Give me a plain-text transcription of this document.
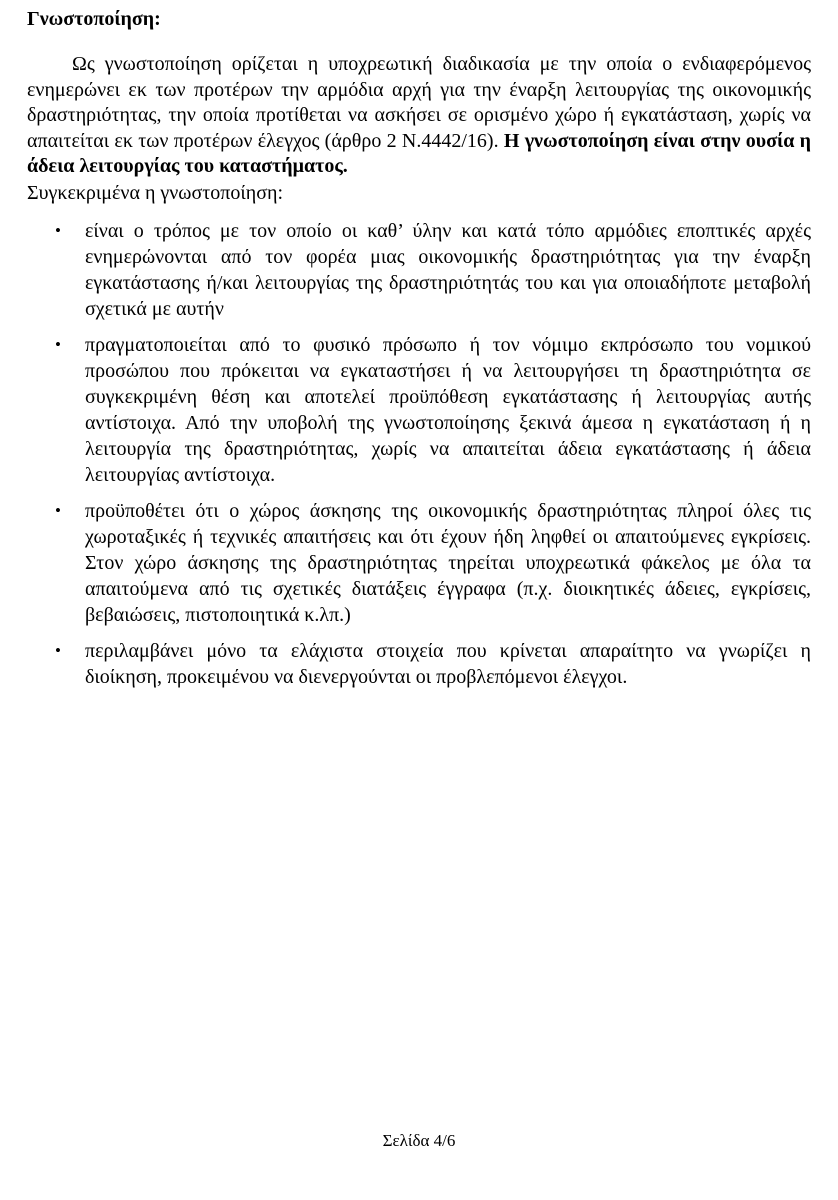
Γνωστοποίηση:

Ως γνωστοποίηση ορίζεται η υποχρεωτική διαδικασία με την οποία ο ενδιαφερόμενος ενημερώνει εκ των προτέρων την αρμόδια αρχή για την έναρξη λειτουργίας της οικονομικής δραστηριότητας, την οποία προτίθεται να ασκήσει σε ορισμένο χώρο ή εγκατάσταση, χωρίς να απαιτείται εκ των προτέρων έλεγχος (άρθρο 2 Ν.4442/16). Η γνωστοποίηση είναι στην ουσία η άδεια λειτουργίας του καταστήματος.

Συγκεκριμένα η γνωστοποίηση:

• είναι ο τρόπος με τον οποίο οι καθ’ ύλην και κατά τόπο αρμόδιες εποπτικές αρχές ενημερώνονται από τον φορέα μιας οικονομικής δραστηριότητας για την έναρξη εγκατάστασης ή/και λειτουργίας της δραστηριότητάς του και για οποιαδήποτε μεταβολή σχετικά με αυτήν
• πραγματοποιείται από το φυσικό πρόσωπο ή τον νόμιμο εκπρόσωπο του νομικού προσώπου που πρόκειται να εγκαταστήσει ή να λειτουργήσει τη δραστηριότητα σε συγκεκριμένη θέση και αποτελεί προϋπόθεση εγκατάστασης ή λειτουργίας αυτής αντίστοιχα. Από την υποβολή της γνωστοποίησης ξεκινά άμεσα η εγκατάσταση ή η λειτουργία της δραστηριότητας, χωρίς να απαιτείται άδεια εγκατάστασης ή άδεια λειτουργίας αντίστοιχα.
• προϋποθέτει ότι ο χώρος άσκησης της οικονομικής δραστηριότητας πληροί όλες τις χωροταξικές ή τεχνικές απαιτήσεις και ότι έχουν ήδη ληφθεί οι απαιτούμενες εγκρίσεις. Στον χώρο άσκησης της δραστηριότητας τηρείται υποχρεωτικά φάκελος με όλα τα απαιτούμενα από τις σχετικές διατάξεις έγγραφα (π.χ. διοικητικές άδειες, εγκρίσεις, βεβαιώσεις, πιστοποιητικά κ.λπ.)
• περιλαμβάνει μόνο τα ελάχιστα στοιχεία που κρίνεται απαραίτητο να γνωρίζει η διοίκηση, προκειμένου να διενεργούνται οι προβλεπόμενοι έλεγχοι.
Σελίδα 4/6
